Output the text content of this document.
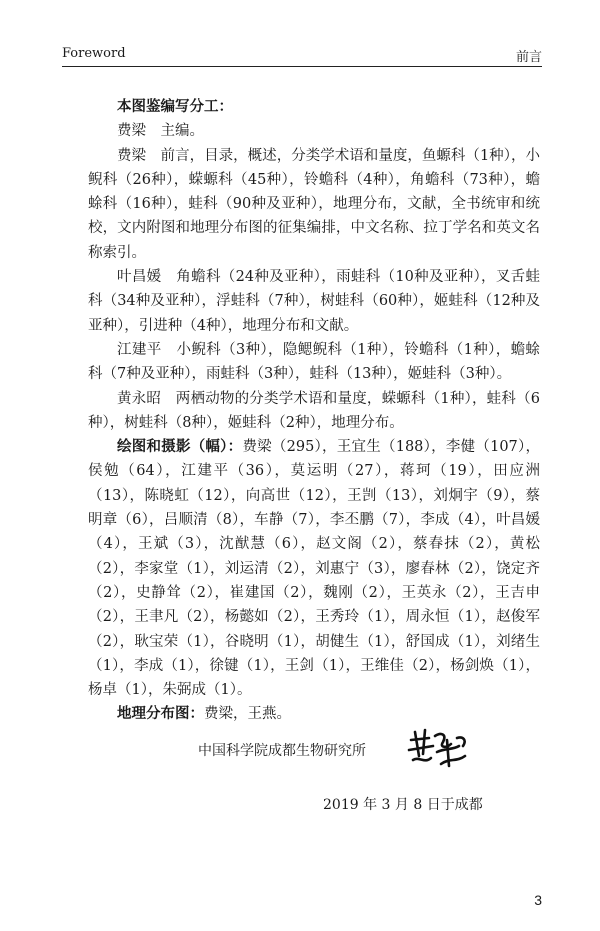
Foreword	前言

本图鉴编写分工：

费梁　主编。

费梁　前言，目录，概述，分类学术语和量度，鱼螈科（1种），小鲵科（26种），蝾螈科（45种），铃蟾科（4种），角蟾科（73种），蟾蜍科（16种），蛙科（90种及亚种），地理分布，文献，全书统审和统校，文内附图和地理分布图的征集编排，中文名称、拉丁学名和英文名称索引。

叶昌媛　角蟾科（24种及亚种），雨蛙科（10种及亚种），叉舌蛙科（34种及亚种），浮蛙科（7种），树蛙科（60种），姬蛙科（12种及亚种），引进种（4种），地理分布和文献。

江建平　小鲵科（3种），隐鳃鲵科（1种），铃蟾科（1种），蟾蜍科（7种及亚种），雨蛙科（3种），蛙科（13种），姬蛙科（3种）。

黄永昭　两栖动物的分类学术语和量度，蝾螈科（1种），蛙科（6种），树蛙科（8种），姬蛙科（2种），地理分布。

绘图和摄影（幅）：费梁（295），王宜生（188），李健（107），侯勉（64），江建平（36），莫运明（27），蒋珂（19），田应洲（13），陈晓虹（12），向高世（12），王剀（13），刘炯宇（9），蔡明章（6），吕顺清（8），车静（7），李丕鹏（7），李成（4），叶昌媛（4），王斌（3），沈猷慧（6），赵文阁（2），蔡春抹（2），黄松（2），李家堂（1），刘运清（2），刘惠宁（3），廖春林（2），饶定齐（2），史静耸（2），崔建国（2），魏刚（2），王英永（2），王吉申（2），王聿凡（2），杨懿如（2），王秀玲（1），周永恒（1），赵俊军（2），耿宝荣（1），谷晓明（1），胡健生（1），舒国成（1），刘绪生（1），李成（1），徐键（1），王剑（1），王维佳（2），杨剑焕（1），杨卓（1），朱弼成（1）。

地理分布图：费梁，王燕。

中国科学院成都生物研究所
2019 年 3 月 8 日于成都
3
